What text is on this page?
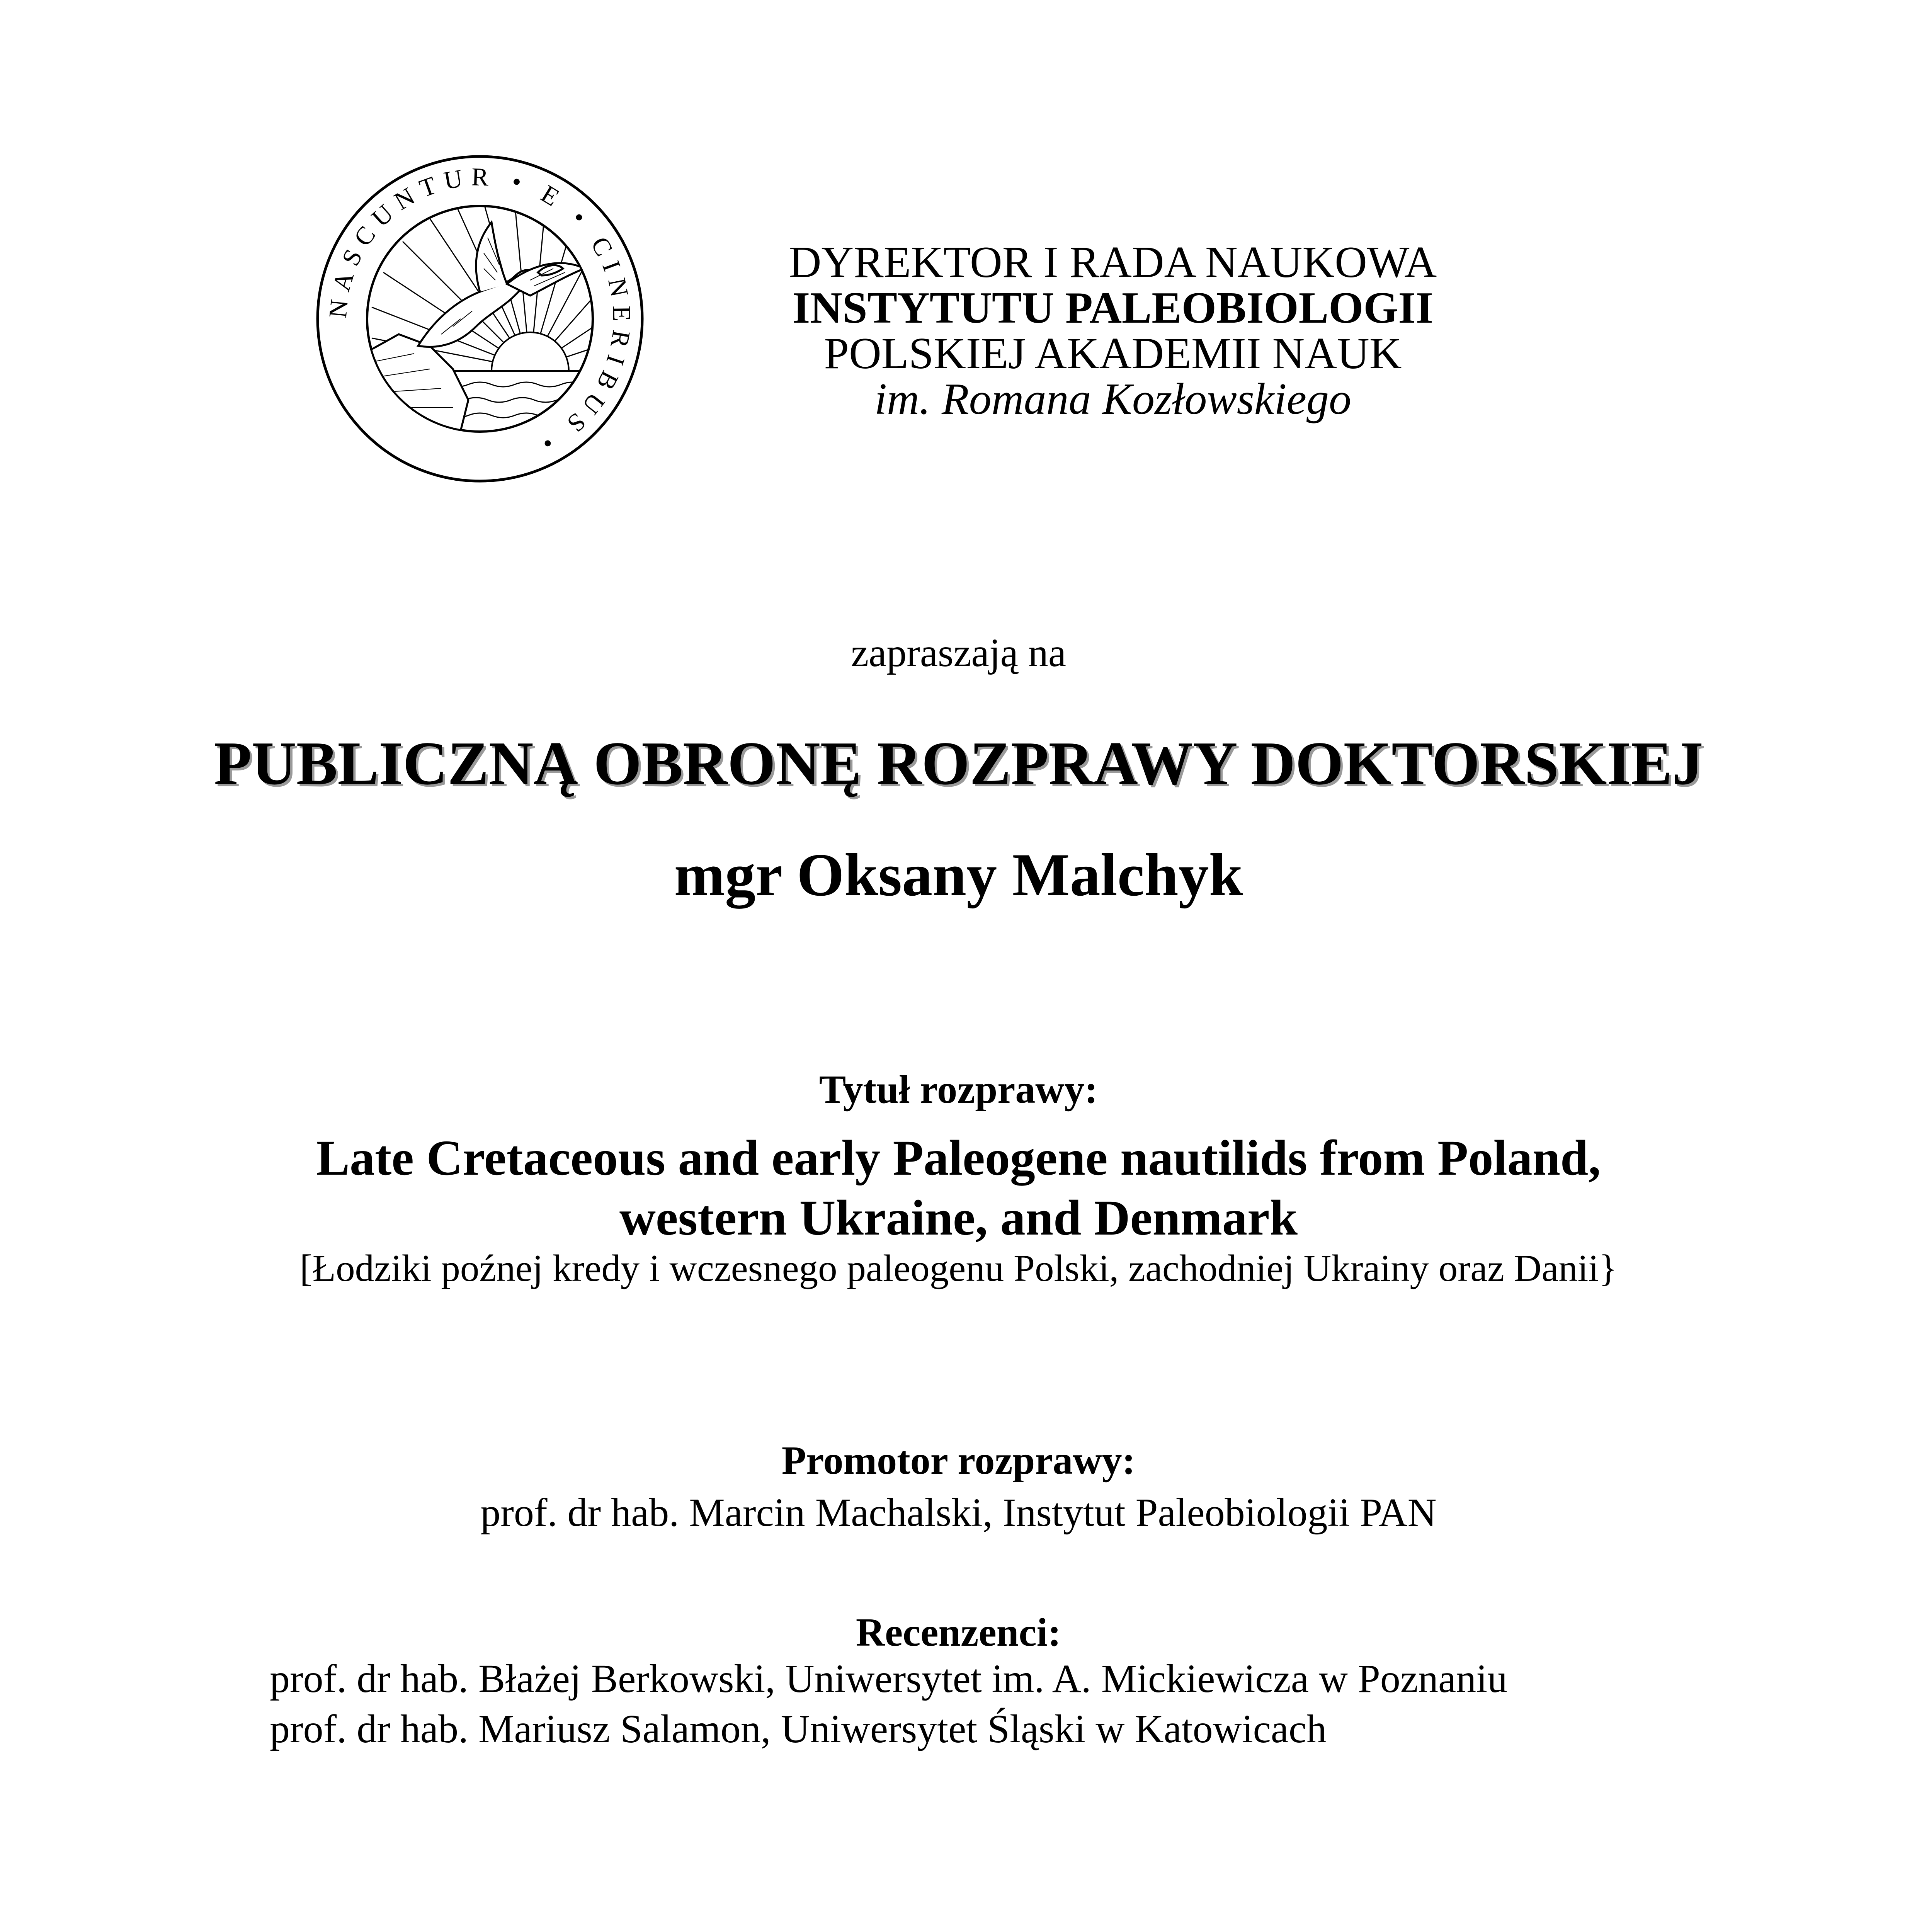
NASCUNTUR • E • CINERIBUS •
DYREKTOR I RADA NAUKOWA
INSTYTUTU PALEOBIOLOGII
POLSKIEJ AKADEMII NAUK
im. Romana Kozłowskiego
zapraszają na
PUBLICZNĄ OBRONĘ ROZPRAWY DOKTORSKIEJ
mgr Oksany Malchyk
Tytuł rozprawy:
Late Cretaceous and early Paleogene nautilids from Poland,
western Ukraine, and Denmark
[Łodziki poźnej kredy i wczesnego paleogenu Polski, zachodniej Ukrainy oraz Danii}
Promotor rozprawy:
prof. dr hab. Marcin Machalski, Instytut Paleobiologii PAN
Recenzenci:
prof. dr hab. Błażej Berkowski, Uniwersytet im. A. Mickiewicza w Poznaniu
prof. dr hab. Mariusz Salamon, Uniwersytet Śląski w Katowicach
